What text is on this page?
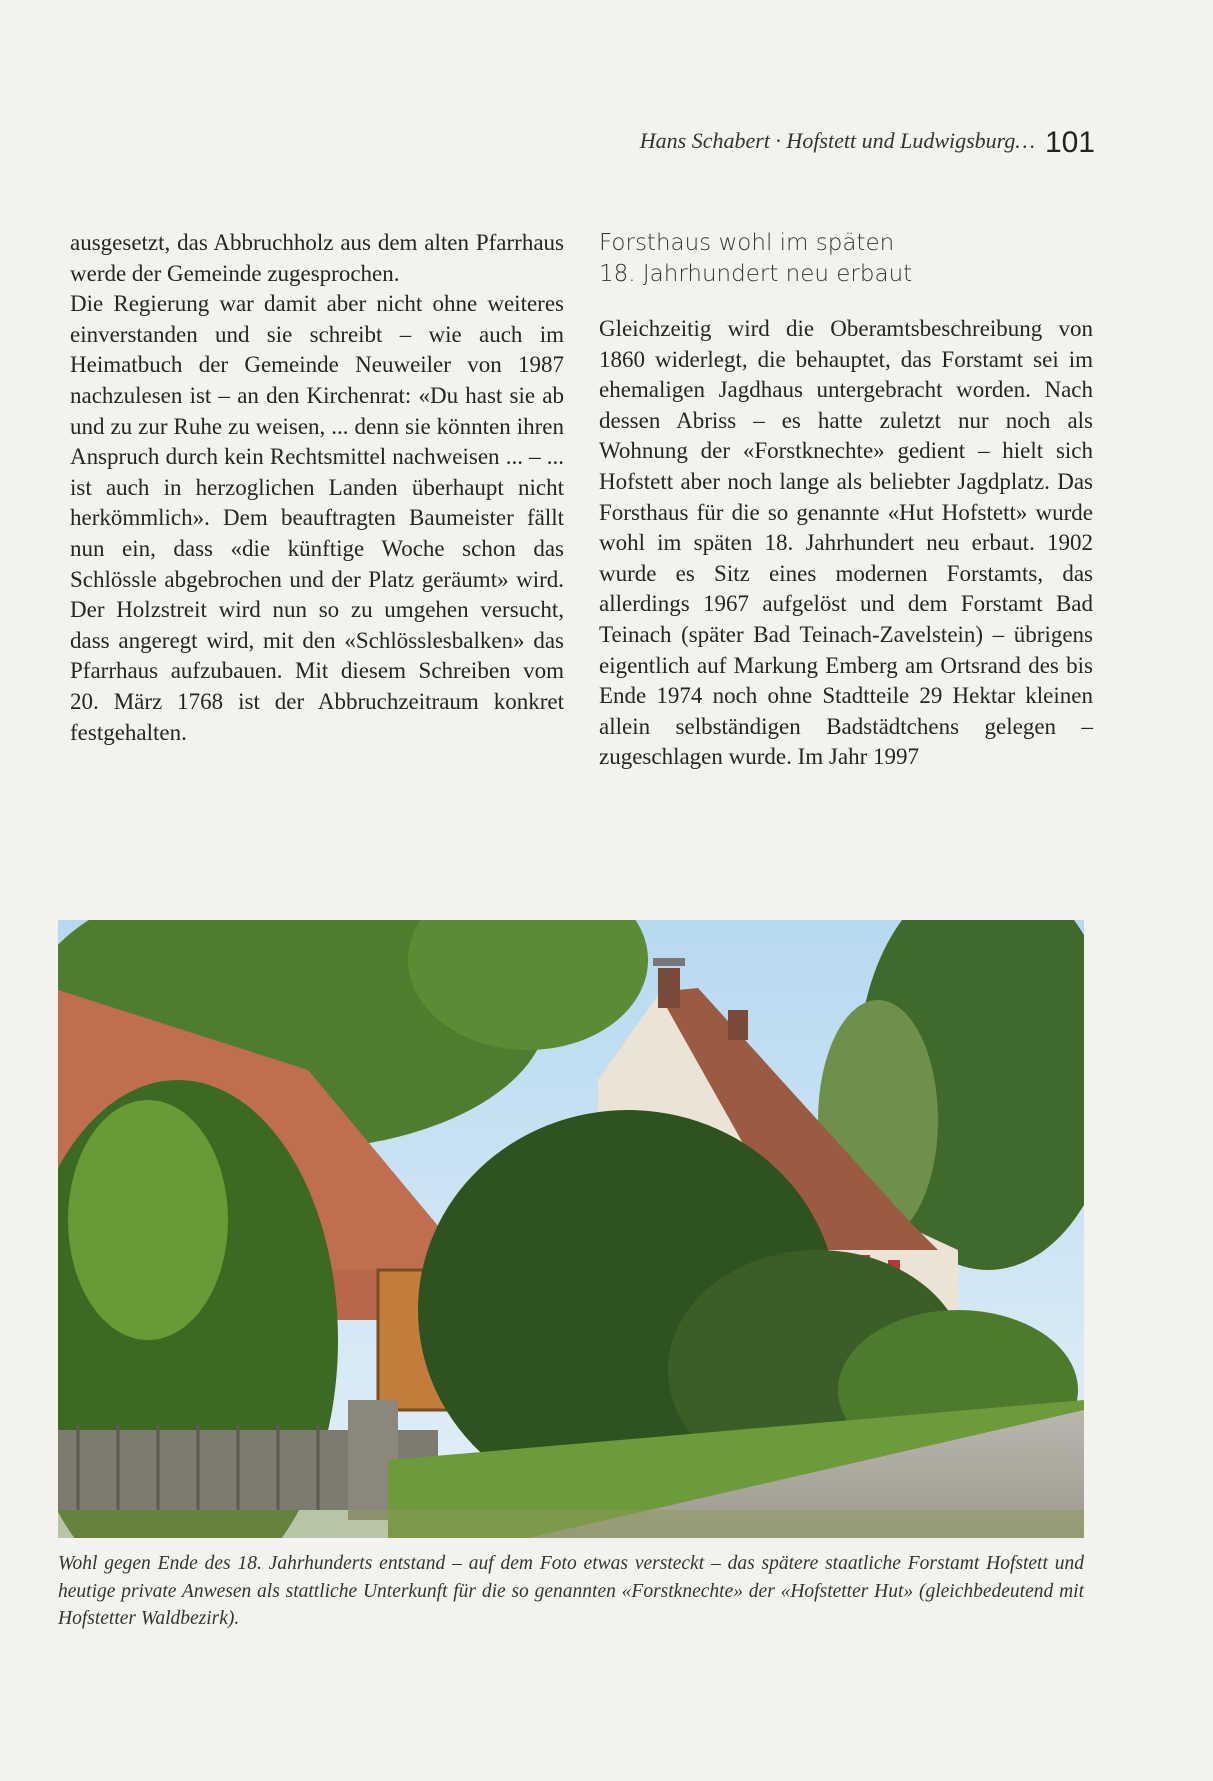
Hans Schabert · Hofstett und Ludwigsburg… 101

ausgesetzt, das Abbruchholz aus dem alten Pfarrhaus werde der Gemeinde zugesprochen.

Die Regierung war damit aber nicht ohne weiteres einverstanden und sie schreibt – wie auch im Heimatbuch der Gemeinde Neuweiler von 1987 nachzulesen ist – an den Kirchenrat: «Du hast sie ab und zu zur Ruhe zu weisen, ... denn sie könnten ihren Anspruch durch kein Rechtsmittel nachweisen ... – ... ist auch in herzoglichen Landen überhaupt nicht herkömmlich». Dem beauftragten Baumeister fällt nun ein, dass «die künftige Woche schon das Schlössle abgebrochen und der Platz geräumt» wird. Der Holzstreit wird nun so zu umgehen versucht, dass angeregt wird, mit den «Schlösslesbalken» das Pfarrhaus aufzubauen. Mit diesem Schreiben vom 20. März 1768 ist der Abbruchzeitraum konkret festgehalten.

Forsthaus wohl im späten
18. Jahrhundert neu erbaut

Gleichzeitig wird die Oberamtsbeschreibung von 1860 widerlegt, die behauptet, das Forstamt sei im ehemaligen Jagdhaus untergebracht worden. Nach dessen Abriss – es hatte zuletzt nur noch als Wohnung der «Forstknechte» gedient – hielt sich Hofstett aber noch lange als beliebter Jagdplatz. Das Forsthaus für die so genannte «Hut Hofstett» wurde wohl im späten 18. Jahrhundert neu erbaut. 1902 wurde es Sitz eines modernen Forstamts, das allerdings 1967 aufgelöst und dem Forstamt Bad Teinach (später Bad Teinach-Zavelstein) – übrigens eigentlich auf Markung Emberg am Ortsrand des bis Ende 1974 noch ohne Stadtteile 29 Hektar kleinen allein selbständigen Badstädtchens gelegen – zugeschlagen wurde. Im Jahr 1997

Wohl gegen Ende des 18. Jahrhunderts entstand – auf dem Foto etwas versteckt – das spätere staatliche Forstamt Hofstett und heutige private Anwesen als stattliche Unterkunft für die so genannten «Forstknechte» der «Hofstetter Hut» (gleichbedeutend mit Hofstetter Waldbezirk).
